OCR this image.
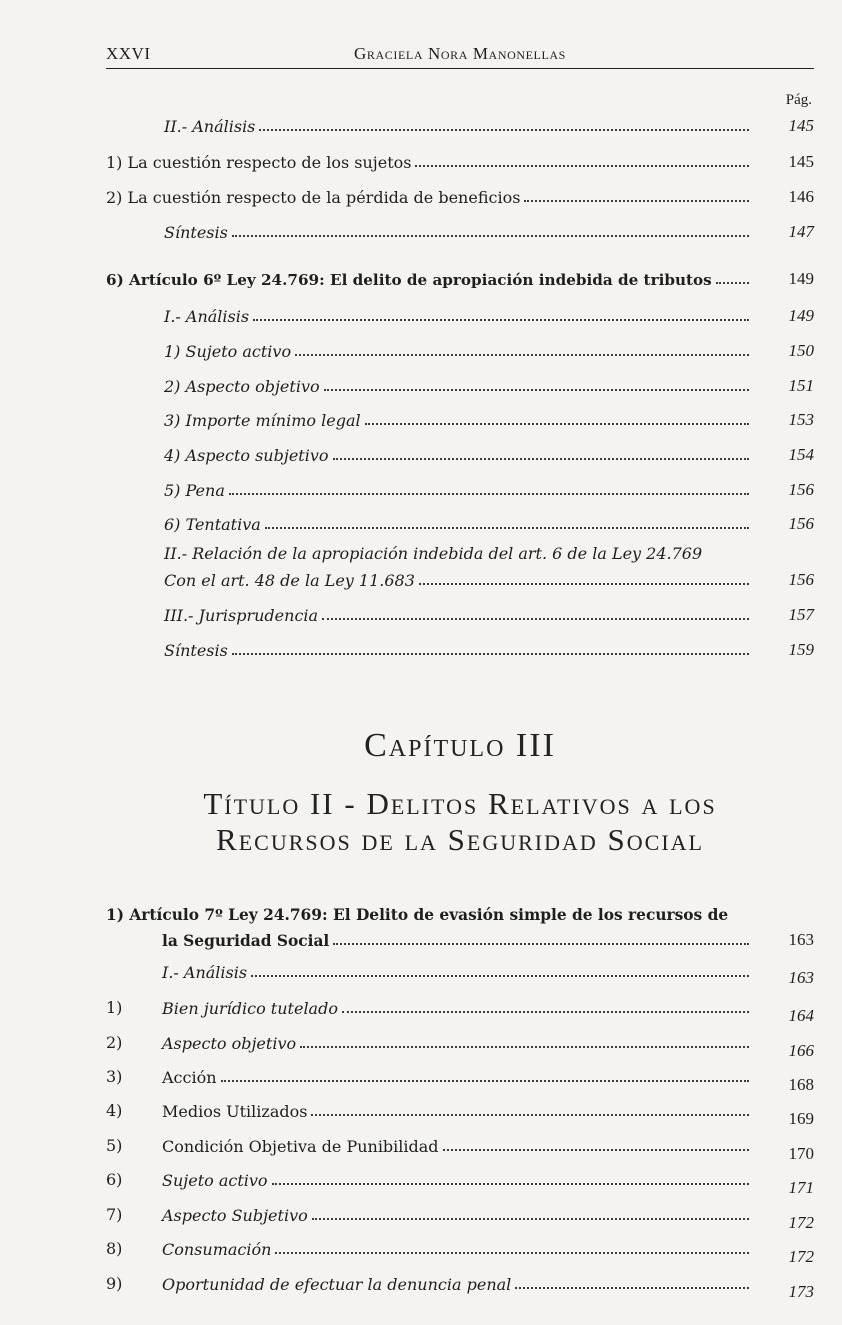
XXVI	Graciela Nora Manonellas
Pág.
II.- Análisis	145
1) La cuestión respecto de los sujetos	145
2) La cuestión respecto de la pérdida de beneficios	146
Síntesis	147
6) Artículo 6º Ley 24.769: El delito de apropiación indebida de tributos	149
I.- Análisis	149
1) Sujeto activo	150
2) Aspecto objetivo	151
3) Importe mínimo legal	153
4) Aspecto subjetivo	154
5) Pena	156
6) Tentativa	156
II.- Relación de la apropiación indebida del art. 6 de la Ley 24.769
Con el art. 48 de la Ley 11.683	156
III.- Jurisprudencia	157
Síntesis	159
Capítulo III
Título II - Delitos Relativos a los
Recursos de la Seguridad Social
1) Artículo 7º Ley 24.769: El Delito de evasión simple de los recursos de
la Seguridad Social	163
I.- Análisis	163
1)	Bien jurídico tutelado	164
2)	Aspecto objetivo	166
3)	Acción	168
4)	Medios Utilizados	169
5)	Condición Objetiva de Punibilidad	170
6)	Sujeto activo	171
7)	Aspecto Subjetivo	172
8)	Consumación	172
9)	Oportunidad de efectuar la denuncia penal	173
